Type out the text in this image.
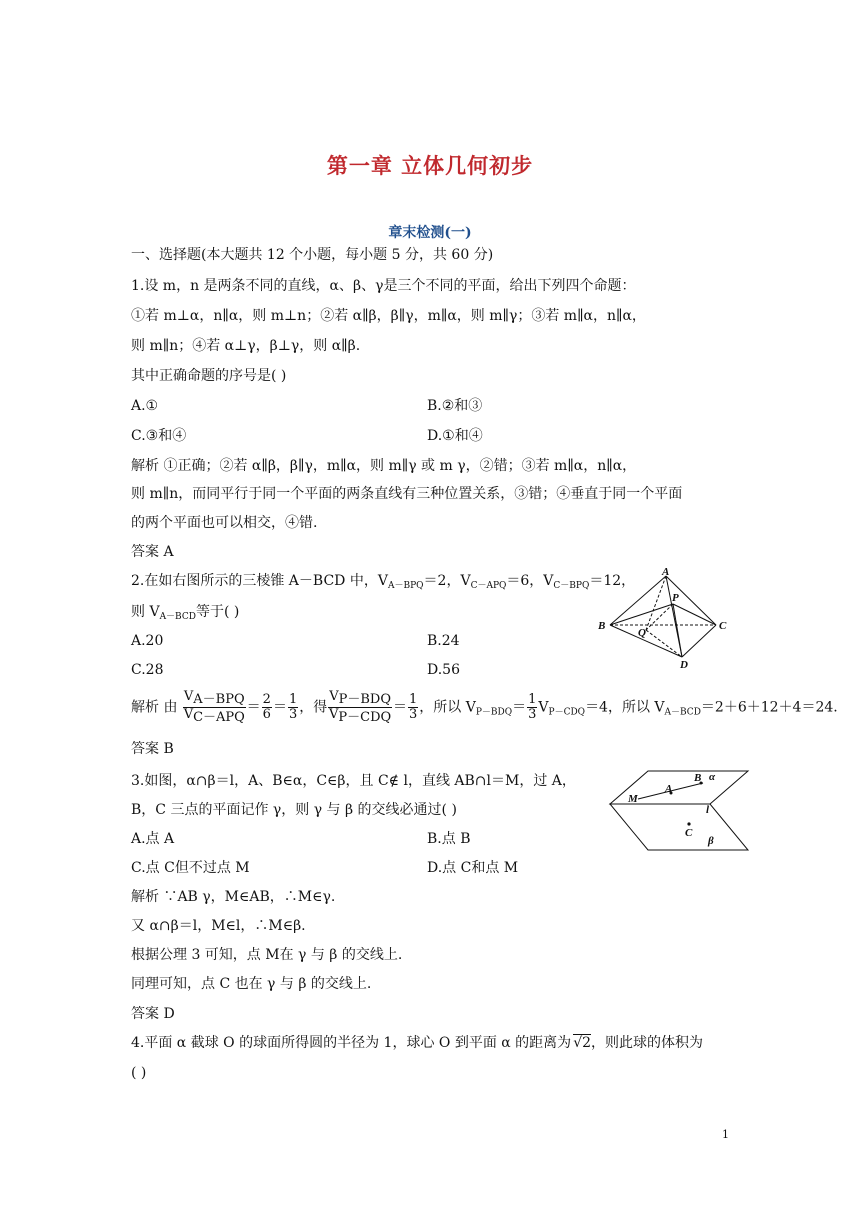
第一章 立体几何初步
章末检测(一)
一、选择题(本大题共 12 个小题，每小题 5 分，共 60 分)
1.设 m，n 是两条不同的直线，α、β、γ是三个不同的平面，给出下列四个命题：
①若 m⊥α，n∥α，则 m⊥n；②若 α∥β，β∥γ，m∥α，则 m∥γ；③若 m∥α，n∥α，
则 m∥n；④若 α⊥γ，β⊥γ，则 α∥β.
其中正确命题的序号是( )
A.①	B.②和③
C.③和④	D.①和④
解析 ①正确；②若 α∥β，β∥γ，m∥α，则 m∥γ 或 m γ，②错；③若 m∥α，n∥α，
则 m∥n，而同平行于同一个平面的两条直线有三种位置关系，③错；④垂直于同一个平面
的两个平面也可以相交，④错.
答案 A
2.在如右图所示的三棱锥 A－BCD 中，$V_{A-BPQ}=2$，$V_{C-APQ}=6$，$V_{C-BPQ}=12$，
则 $V_{A-BCD}$等于( )
A.20	B.24
C.28	D.56
解析 由 $\frac{\text{VA－BPQ}}{\text{VC－APQ}} = \frac{2}{6} = \frac{1}{3}$ ，得 $\frac{\text{VP－BDQ}}{\text{VP－CDQ}} = \frac{1}{3}$ ，所以 $V_{P-BDQ}= \frac{1}{3} V_{P-CDQ}=4$，所以 $V_{A-BCD}=2+6+12+4=24$.
答案 B
A
B	C
D
P
Q
3.如图，α∩β＝l，A、B∈α，C∈β，且 C∉ l，直线 AB∩l＝M，过 A，
B，C 三点的平面记作 γ，则 γ 与 β 的交线必通过( )
A.点 A	B.点 B
C.点 C但不过点 M	D.点 C和点 M
解析 ∵AB γ，M∈AB，∴M∈γ.
又 α∩β＝l，M∈l，∴M∈β.
根据公理 3 可知，点 M在 γ 与 β 的交线上.
同理可知，点 C 也在 γ 与 β 的交线上.
答案 D
M
A
B α
l
C
β
4.平面 α 截球 O 的球面所得圆的半径为 1，球心 O 到平面 α 的距离为 √2，则此球的体积为
( )
1
